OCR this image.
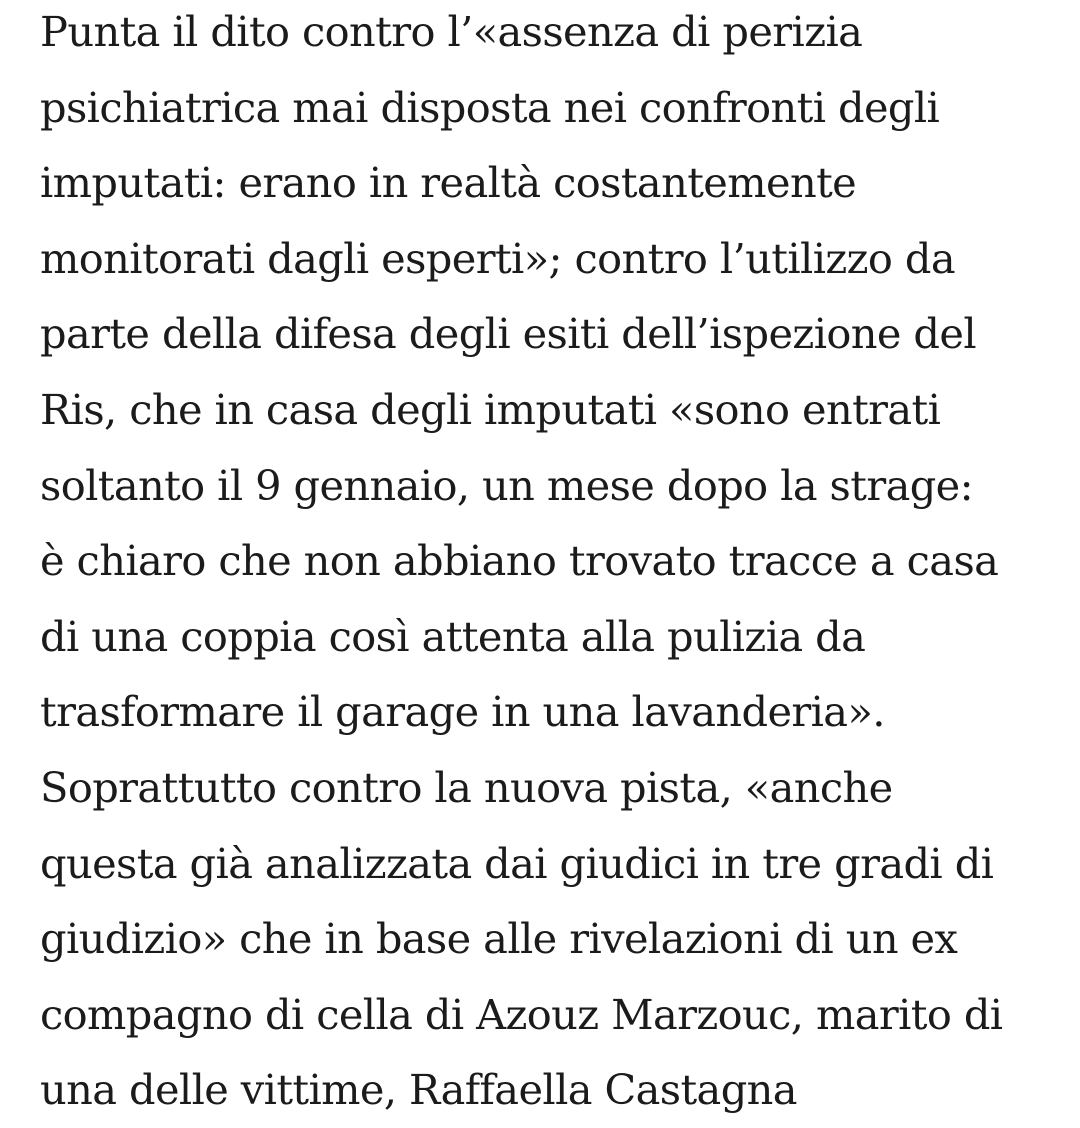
Punta il dito contro l’«assenza di perizia
psichiatrica mai disposta nei confronti degli
imputati: erano in realtà costantemente
monitorati dagli esperti»; contro l’utilizzo da
parte della difesa degli esiti dell’ispezione del
Ris, che in casa degli imputati «sono entrati
soltanto il 9 gennaio, un mese dopo la strage:
è chiaro che non abbiano trovato tracce a casa
di una coppia così attenta alla pulizia da
trasformare il garage in una lavanderia».
Soprattutto contro la nuova pista, «anche
questa già analizzata dai giudici in tre gradi di
giudizio» che in base alle rivelazioni di un ex
compagno di cella di Azouz Marzouc, marito di
una delle vittime, Raffaella Castagna
